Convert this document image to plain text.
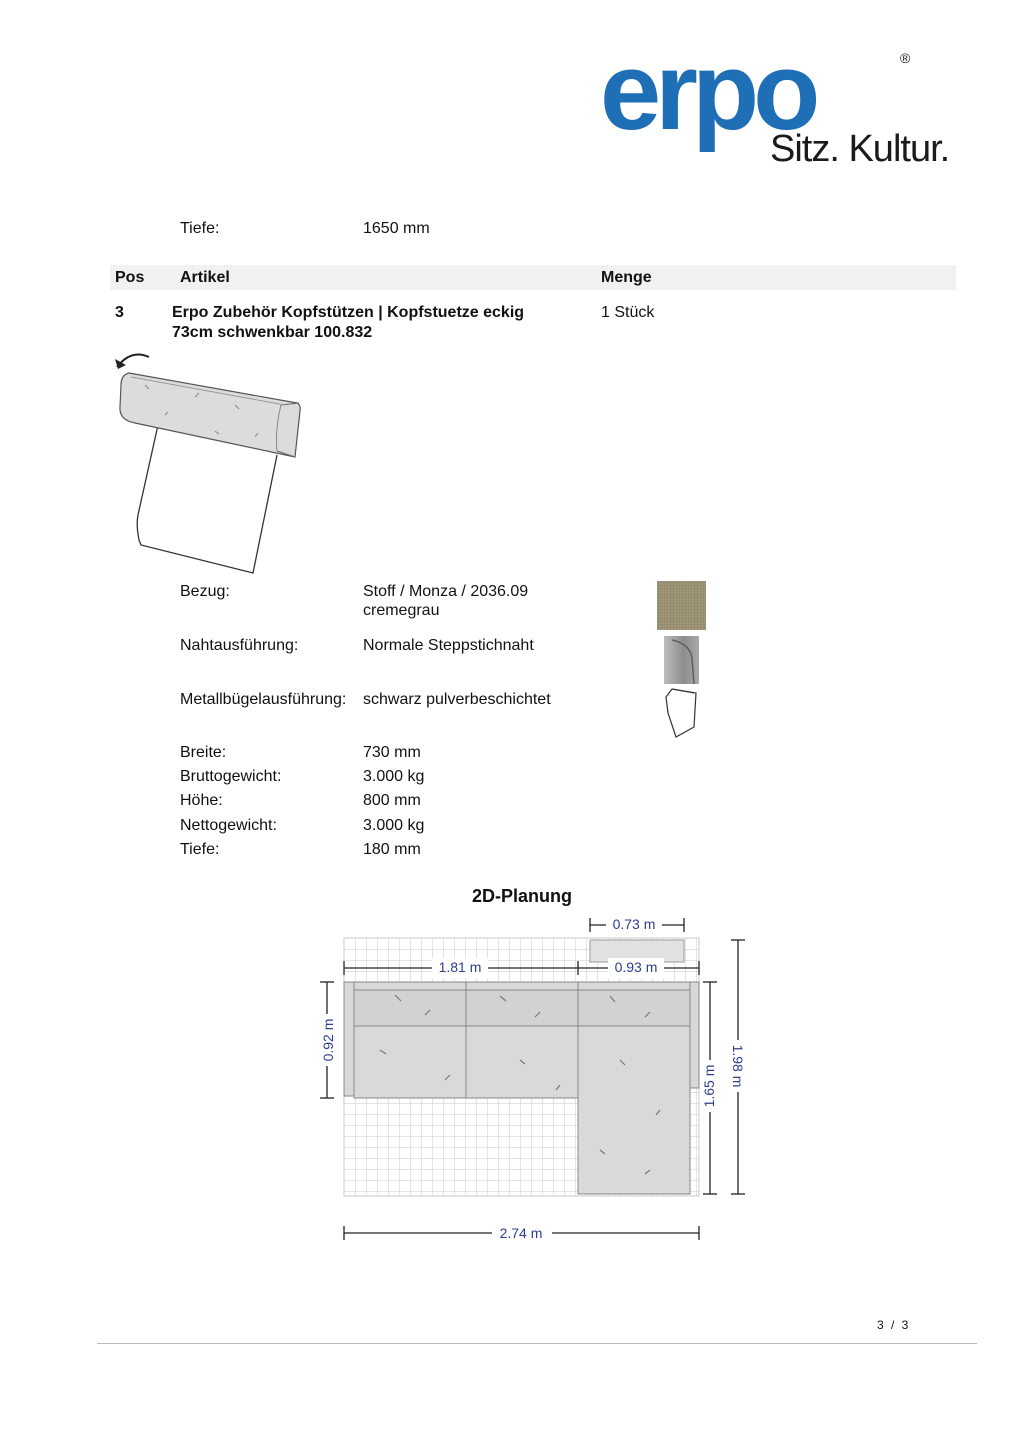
erpo	®
Sitz. Kultur.
Tiefe:	1650 mm
Pos Artikel	Menge
3	Erpo Zubehör Kopfstützen | Kopfstuetze eckig
73cm schwenkbar 100.832
1 Stück
Bezug:	Stoff / Monza / 2036.09
cremegrau
Nahtausführung:	Normale Steppstichnaht
Metallbügelausführung: schwarz pulverbeschichtet
Breite:	730 mm
Bruttogewicht:	3.000 kg
Höhe:	800 mm
Nettogewicht:	3.000 kg
Tiefe:	180 mm
2D-Planung
0.73 m
1.81 m	0.93 m
0.92 m
1.65 m 1.98 m
2.74 m
3 / 3
